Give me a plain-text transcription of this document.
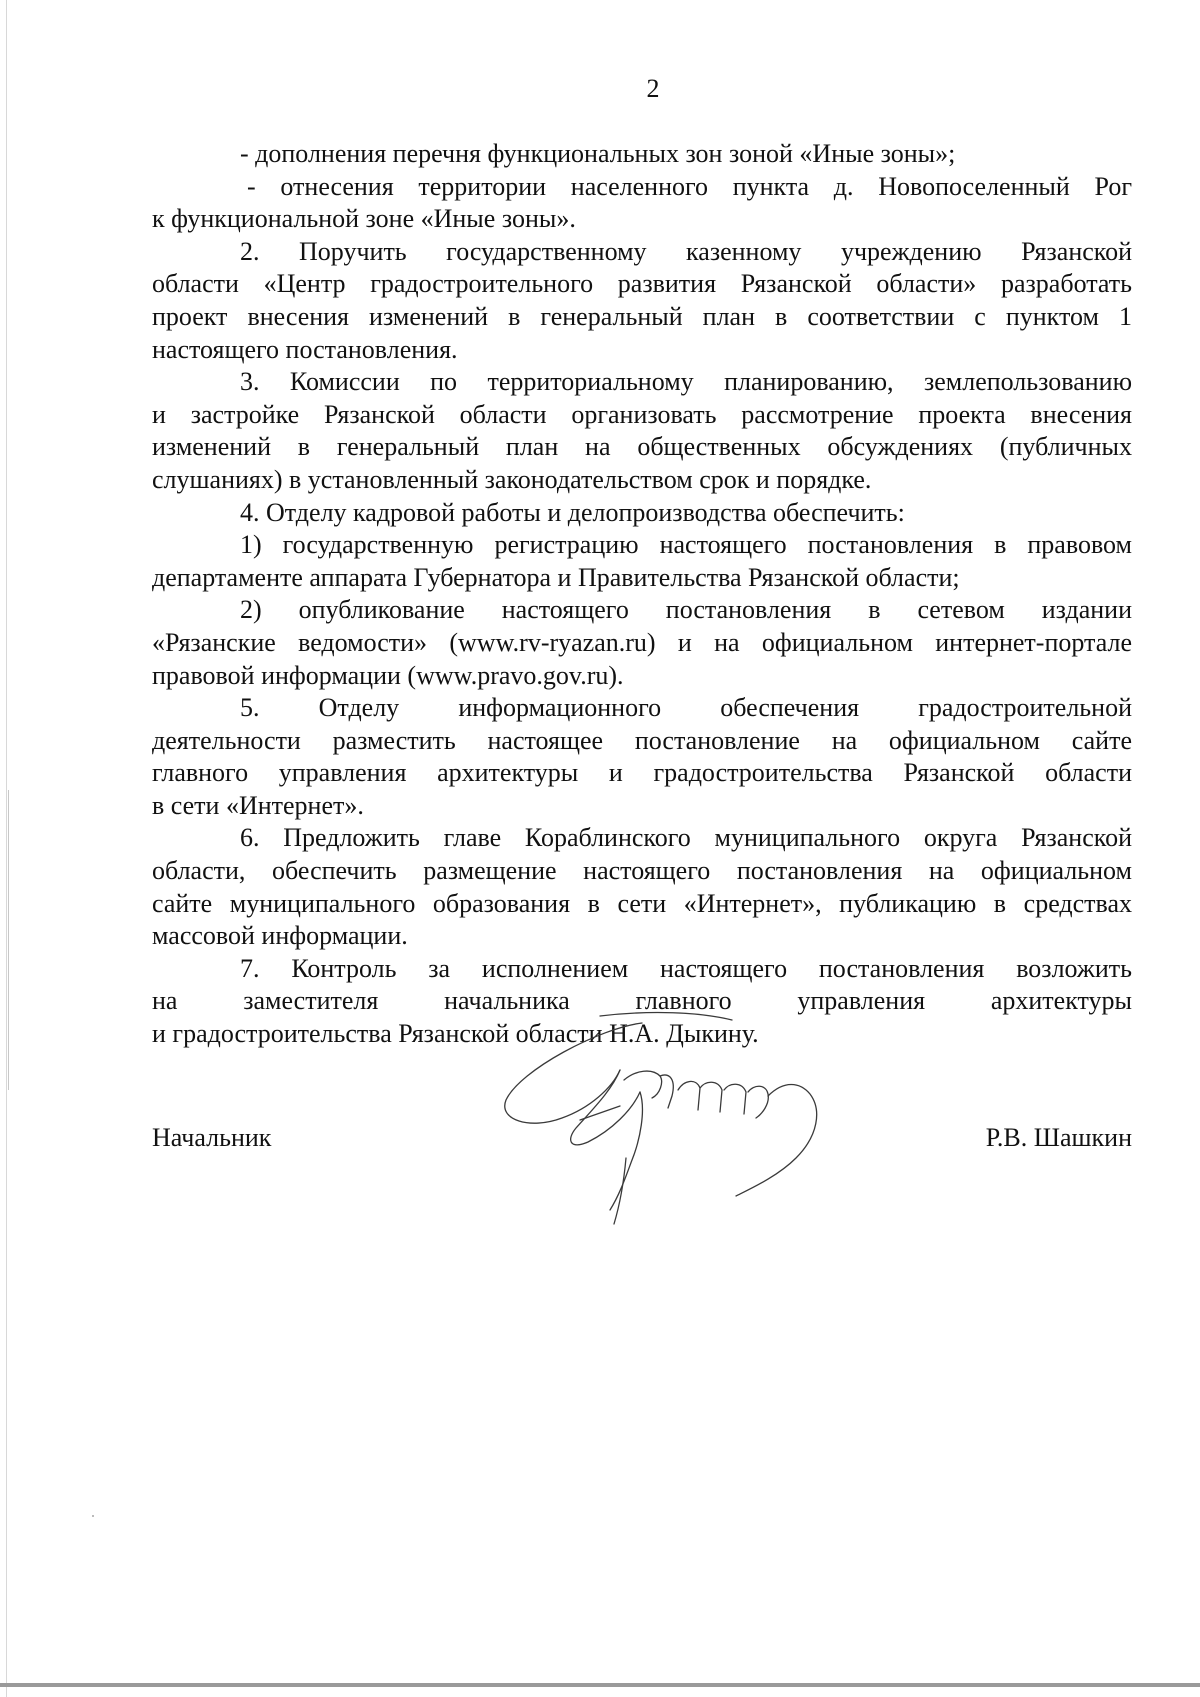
2
- дополнения перечня функциональных зон зоной «Иные зоны»;
- отнесения территории населенного пункта д. Новопоселенный Рог
к функциональной зоне «Иные зоны».
2. Поручить государственному казенному учреждению Рязанской
области «Центр градостроительного развития Рязанской области» разработать
проект внесения изменений в генеральный план в соответствии с пунктом 1
настоящего постановления.
3. Комиссии по территориальному планированию, землепользованию
и застройке Рязанской области организовать рассмотрение проекта внесения
изменений в генеральный план на общественных обсуждениях (публичных
слушаниях) в установленный законодательством срок и порядке.
4. Отделу кадровой работы и делопроизводства обеспечить:
1) государственную регистрацию настоящего постановления в правовом
департаменте аппарата Губернатора и Правительства Рязанской области;
2) опубликование настоящего постановления в сетевом издании
«Рязанские ведомости» (www.rv-ryazan.ru) и на официальном интернет-портале
правовой информации (www.pravo.gov.ru).
5. Отделу информационного обеспечения градостроительной
деятельности разместить настоящее постановление на официальном сайте
главного управления архитектуры и градостроительства Рязанской области
в сети «Интернет».
6. Предложить главе Кораблинского муниципального округа Рязанской
области, обеспечить размещение настоящего постановления на официальном
сайте муниципального образования в сети «Интернет», публикацию в средствах
массовой информации.
7. Контроль за исполнением настоящего постановления возложить
на заместителя начальника главного управления архитектуры
и градостроительства Рязанской области Н.А. Дыкину.
Начальник	Р.В. Шашкин
